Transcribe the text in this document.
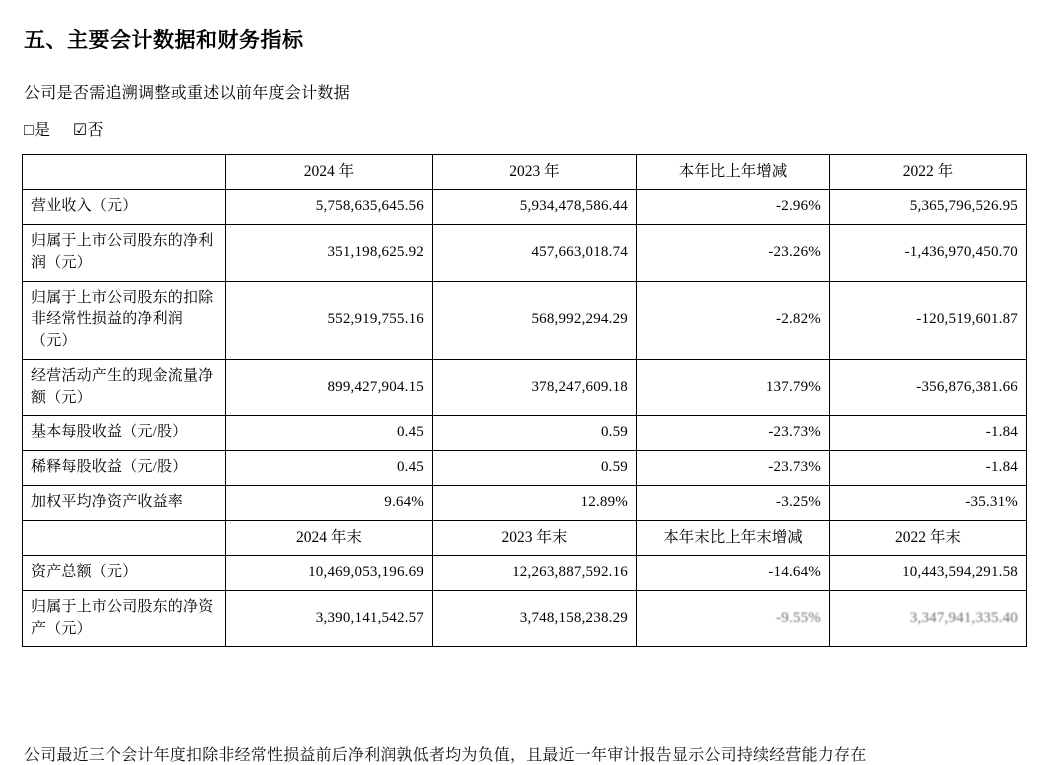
五、主要会计数据和财务指标
公司是否需追溯调整或重述以前年度会计数据
□是 ☑否
	2024 年	2023 年	本年比上年增减	2022 年
营业收入（元）	5,758,635,645.56	5,934,478,586.44	-2.96%	5,365,796,526.95
归属于上市公司股东的净利润（元）	351,198,625.92	457,663,018.74	-23.26%	-1,436,970,450.70
归属于上市公司股东的扣除非经常性损益的净利润（元）	552,919,755.16	568,992,294.29	-2.82%	-120,519,601.87
经营活动产生的现金流量净额（元）	899,427,904.15	378,247,609.18	137.79%	-356,876,381.66
基本每股收益（元/股）	0.45	0.59	-23.73%	-1.84
稀释每股收益（元/股）	0.45	0.59	-23.73%	-1.84
加权平均净资产收益率	9.64%	12.89%	-3.25%	-35.31%
	2024 年末	2023 年末	本年末比上年末增减	2022 年末
资产总额（元）	10,469,053,196.69	12,263,887,592.16	-14.64%	10,443,594,291.58
归属于上市公司股东的净资产（元）	3,390,141,542.57	3,748,158,238.29	-9.55%	3,347,941,335.40
公司最近三个会计年度扣除非经常性损益前后净利润孰低者均为负值，且最近一年审计报告显示公司持续经营能力存在
